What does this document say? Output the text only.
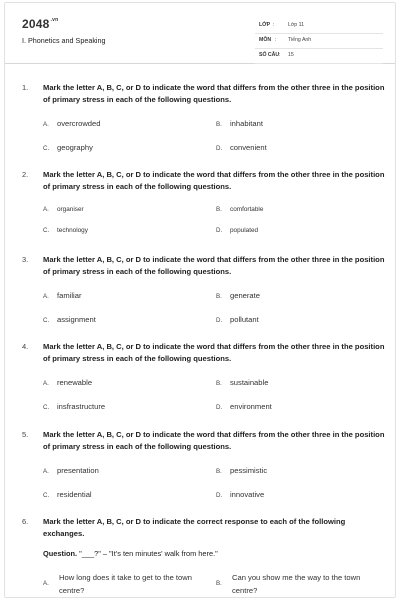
$2048^{.vn}$
I. Phonetics and Speaking
LỚP :	Lớp 11
MÔN : Tiếng Anh
SỐ CÂU : 15
1. Mark the letter A, B, C, or D to indicate the word that differs from the other three in the position of primary stress in each of the following questions.
A. overcrowded	B. inhabitant
C. geography	D. convenient
2. Mark the letter A, B, C, or D to indicate the word that differs from the other three in the position of primary stress in each of the following questions.
A. organiser	B. comfortable
C. technology	D. populated
3. Mark the letter A, B, C, or D to indicate the word that differs from the other three in the position of primary stress in each of the following questions.
A. familiar	B. generate
C. assignment	D. pollutant
4. Mark the letter A, B, C, or D to indicate the word that differs from the other three in the position of primary stress in each of the following questions.
A. renewable	B. sustainable
C. insfrastructure	D. environment
5. Mark the letter A, B, C, or D to indicate the word that differs from the other three in the position of primary stress in each of the following questions.
A. presentation	B. pessimistic
C. residential	D. innovative
6. Mark the letter A, B, C, or D to indicate the correct response to each of the following exchanges.
Question. "___?" – "It's ten minutes' walk from here."
A.
How long does it take to get to the town centre?
B.
Can you show me the way to the town centre?
